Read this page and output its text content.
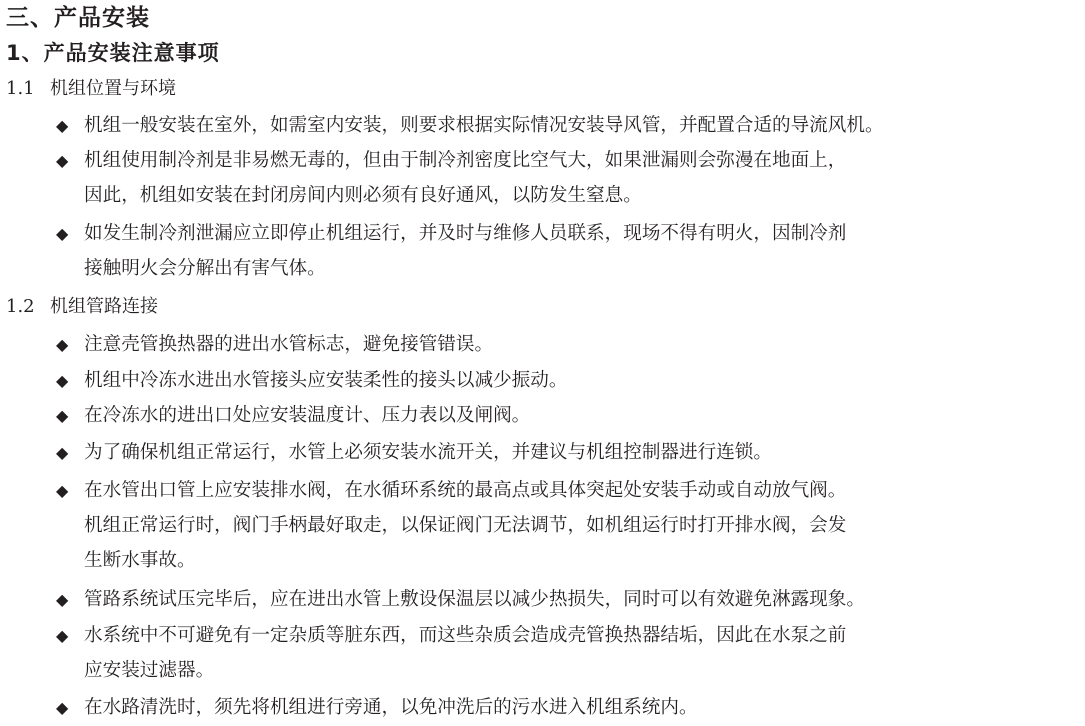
三、产品安装
1、产品安装注意事项
1.1 机组位置与环境
◆ 机组一般安装在室外，如需室内安装，则要求根据实际情况安装导风管，并配置合适的导流风机。
◆ 机组使用制冷剂是非易燃无毒的，但由于制冷剂密度比空气大，如果泄漏则会弥漫在地面上，
因此，机组如安装在封闭房间内则必须有良好通风，以防发生窒息。
◆ 如发生制冷剂泄漏应立即停止机组运行，并及时与维修人员联系，现场不得有明火，因制冷剂
接触明火会分解出有害气体。
1.2 机组管路连接
◆ 注意壳管换热器的进出水管标志，避免接管错误。
◆ 机组中冷冻水进出水管接头应安装柔性的接头以减少振动。
◆ 在冷冻水的进出口处应安装温度计、压力表以及闸阀。
◆ 为了确保机组正常运行，水管上必须安装水流开关，并建议与机组控制器进行连锁。
◆ 在水管出口管上应安装排水阀，在水循环系统的最高点或具体突起处安装手动或自动放气阀。
机组正常运行时，阀门手柄最好取走，以保证阀门无法调节，如机组运行时打开排水阀，会发
生断水事故。
◆ 管路系统试压完毕后，应在进出水管上敷设保温层以减少热损失，同时可以有效避免淋露现象。
◆ 水系统中不可避免有一定杂质等脏东西，而这些杂质会造成壳管换热器结垢，因此在水泵之前
应安装过滤器。
◆ 在水路清洗时，须先将机组进行旁通，以免冲洗后的污水进入机组系统内。
